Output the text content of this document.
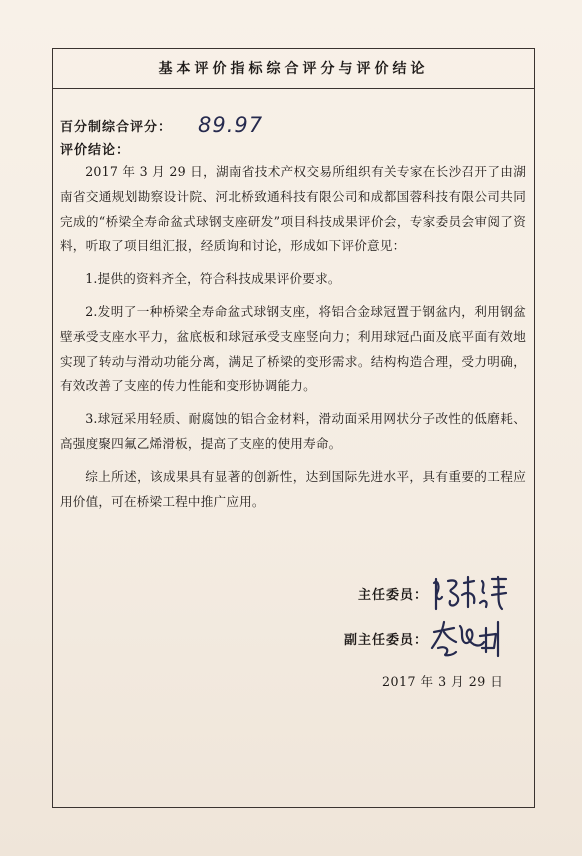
基本评价指标综合评分与评价结论
百分制综合评分： 89.97
评价结论：

2017 年 3 月 29 日，湖南省技术产权交易所组织有关专家在长沙召开了由湖南省交通规划勘察设计院、河北桥致通科技有限公司和成都国蓉科技有限公司共同完成的“桥梁全寿命盆式球钢支座研发”项目科技成果评价会，专家委员会审阅了资料，听取了项目组汇报，经质询和讨论，形成如下评价意见：

1.提供的资料齐全，符合科技成果评价要求。

2.发明了一种桥梁全寿命盆式球钢支座，将铝合金球冠置于钢盆内，利用钢盆壁承受支座水平力，盆底板和球冠承受支座竖向力；利用球冠凸面及底平面有效地实现了转动与滑动功能分离，满足了桥梁的变形需求。结构构造合理，受力明确，有效改善了支座的传力性能和变形协调能力。

3.球冠采用轻质、耐腐蚀的铝合金材料，滑动面采用网状分子改性的低磨耗、高强度聚四氟乙烯滑板，提高了支座的使用寿命。

综上所述，该成果具有显著的创新性，达到国际先进水平，具有重要的工程应用价值，可在桥梁工程中推广应用。

主任委员：
副主任委员：
2017 年 3 月 29 日
